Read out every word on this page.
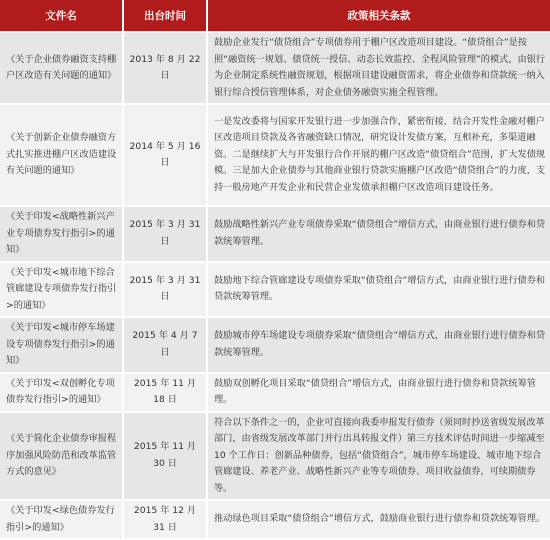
文件名	出台时间	政策相关条款
《关于企业债券融资支持棚户区改造有关问题的通知》	2013 年 8 月 22 日	鼓励企业发行“债贷组合”专项债券用于棚户区改造项目建设。“债贷组合”是按照“融资统一规划、债贷统一授信、动态长效监控、全程风险管理”的模式，由银行为企业制定系统性融资规划，根据项目建设融资需求，将企业债券和贷款统一纳入银行综合授信管理体系，对企业债务融资实施全程管理。
《关于创新企业债券融资方式扎实推进棚户区改造建设有关问题的通知》	2014 年 5 月 16 日	一是发改委将与国家开发银行进一步加强合作，紧密衔接，结合开发性金融对棚户区改造项目贷款及各省融资缺口情况，研究设计发债方案，互相补充，多渠道融资。二是继续扩大与开发银行合作开展的棚户区改造“债贷组合”范围，扩大发债规模。三是加大企业债券与其他商业银行贷款实施棚户区改造“债贷组合”的力度，支持一般房地产开发企业和民营企业发债承担棚户区改造项目建设任务。
《关于印发<战略性新兴产业专项债券发行指引>的通知》	2015 年 3 月 31 日	鼓励战略性新兴产业专项债券采取“债贷组合”增信方式，由商业银行进行债券和贷款统筹管理。
《关于印发<城市地下综合管廊建设专项债券发行指引>的通知》	2015 年 3 月 31 日	鼓励地下综合管廊建设专项债券采取“债贷组合”增信方式，由商业银行进行债券和贷款统筹管理。
《关于印发<城市停车场建设专项债券发行指引>的通知》	2015 年 4 月 7 日	鼓励城市停车场建设专项债券采取“债贷组合”增信方式，由商业银行进行债券和贷款统筹管理。
《关于印发<双创孵化专项债券发行指引>的通知》	2015 年 11 月 18 日	鼓励双创孵化项目采取“债贷组合”增信方式，由商业银行进行债券和贷款统筹管理。
《关于简化企业债券审报程序加强风险防范和改革监管方式的意见》	2015 年 11 月 30 日	符合以下条件之一的，企业可直接向我委申报发行债券（须同时抄送省级发展改革部门，由省级发展改革部门并行出具转报文件）第三方技术评估时间进一步缩减至 10 个工作日：创新品种债券，包括“债贷组合”，城市停车场建设、城市地下综合管廊建设、养老产业、战略性新兴产业等专项债券、项目收益债券，可续期债券等。
《关于印发<绿色债券发行指引>的通知》	2015 年 12 月 31 日	推动绿色项目采取“债贷组合”增信方式，鼓励商业银行进行债券和贷款统筹管理。
